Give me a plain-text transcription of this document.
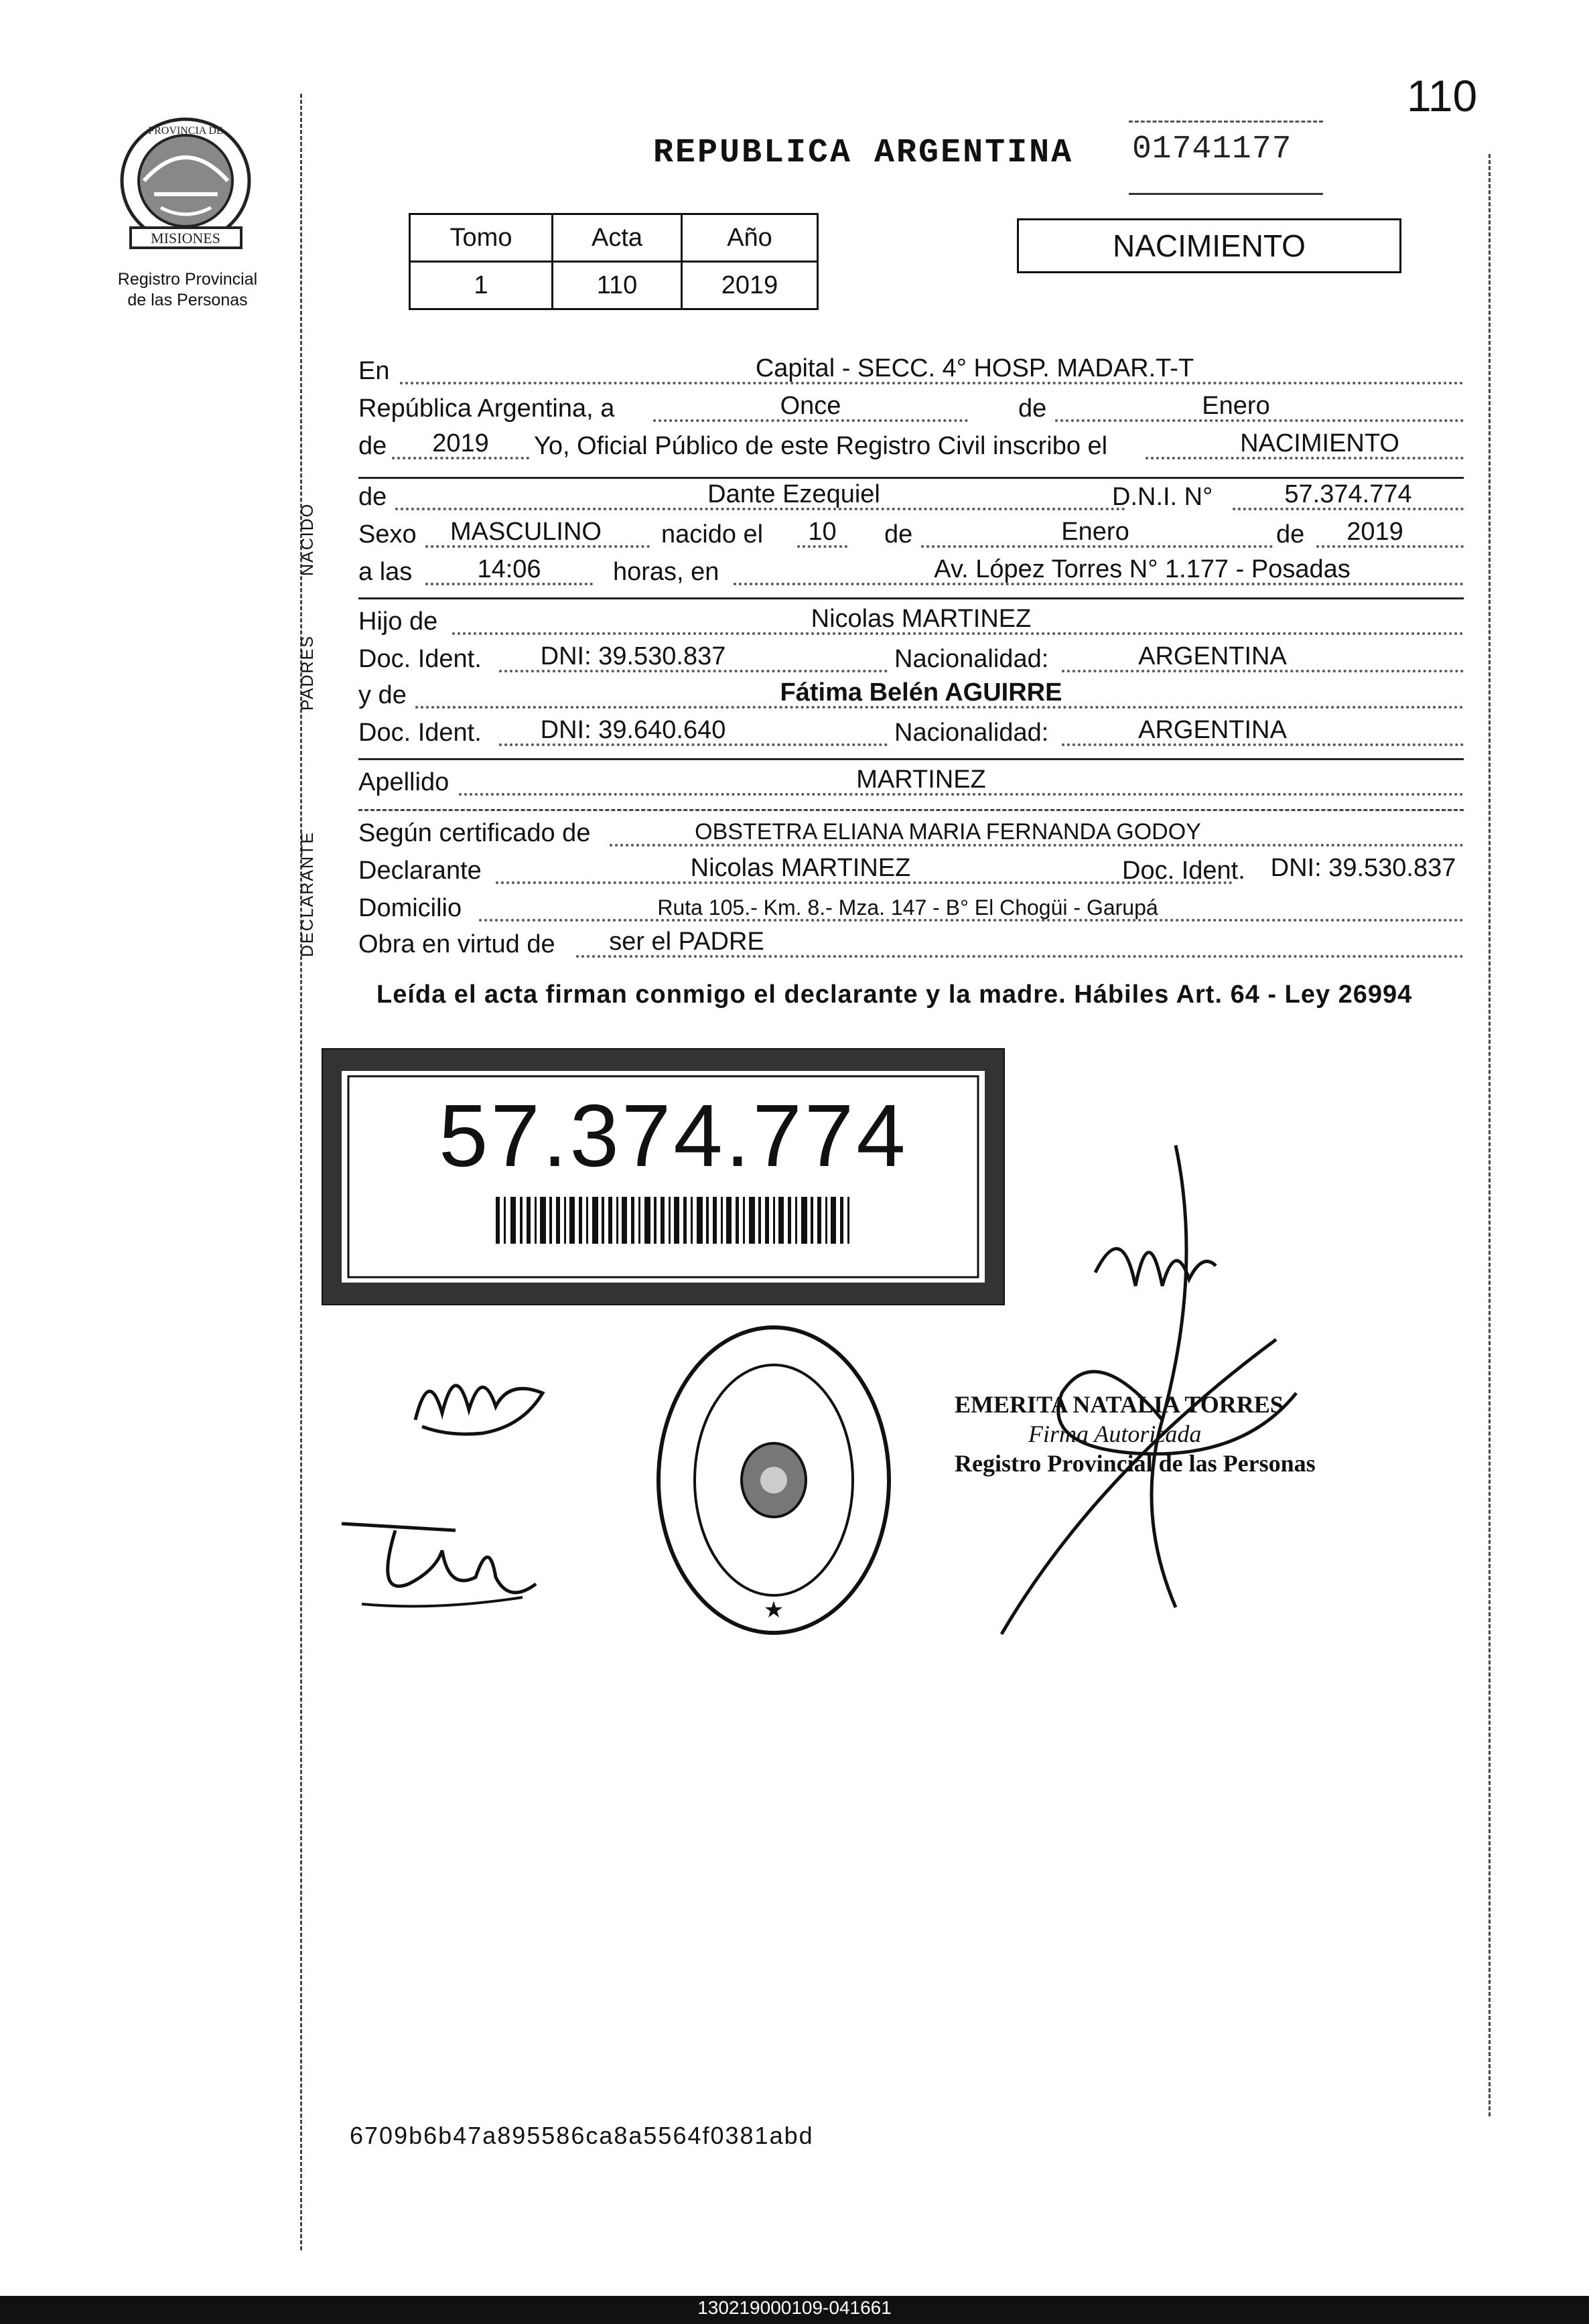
110
MISIONES
PROVINCIA DE
Registro Provincial
de las Personas
REPUBLICA ARGENTINA 01741177
Tomo	Acta	Año
1	110	2019
NACIMIENTO
NACIDO
PADRES
DECLARANTE
En	Capital - SECC. 4° HOSP. MADAR.T-T
República Argentina, a	Once	de	Enero
de	2019	Yo, Oficial Público de este Registro Civil inscribo el	NACIMIENTO
de	Dante Ezequiel	D.N.I. N°	57.374.774
Sexo	MASCULINO	nacido el	10	de	Enero	de	2019
a las	14:06	horas, en	Av. López Torres N° 1.177 - Posadas
Hijo de	Nicolas MARTINEZ
Doc. Ident.	DNI: 39.530.837	Nacionalidad:	ARGENTINA
y de	Fátima Belén AGUIRRE
Doc. Ident.	DNI: 39.640.640	Nacionalidad:	ARGENTINA
Apellido	MARTINEZ
Según certificado de	OBSTETRA ELIANA MARIA FERNANDA GODOY
Declarante	Nicolas MARTINEZ	Doc. Ident. DNI: 39.530.837
Domicilio	Ruta 105.- Km. 8.- Mza. 147 - B° El Chogüi - Garupá
Obra en virtud de	ser el PADRE
Leída el acta firman conmigo el declarante y la madre. Hábiles Art. 64 - Ley 26994
57.374.774
★
EMERITA NATALIA TORRES
Firma Autorizada
Registro Provincial de las Personas
6709b6b47a895586ca8a5564f0381abd
130219000109-041661
